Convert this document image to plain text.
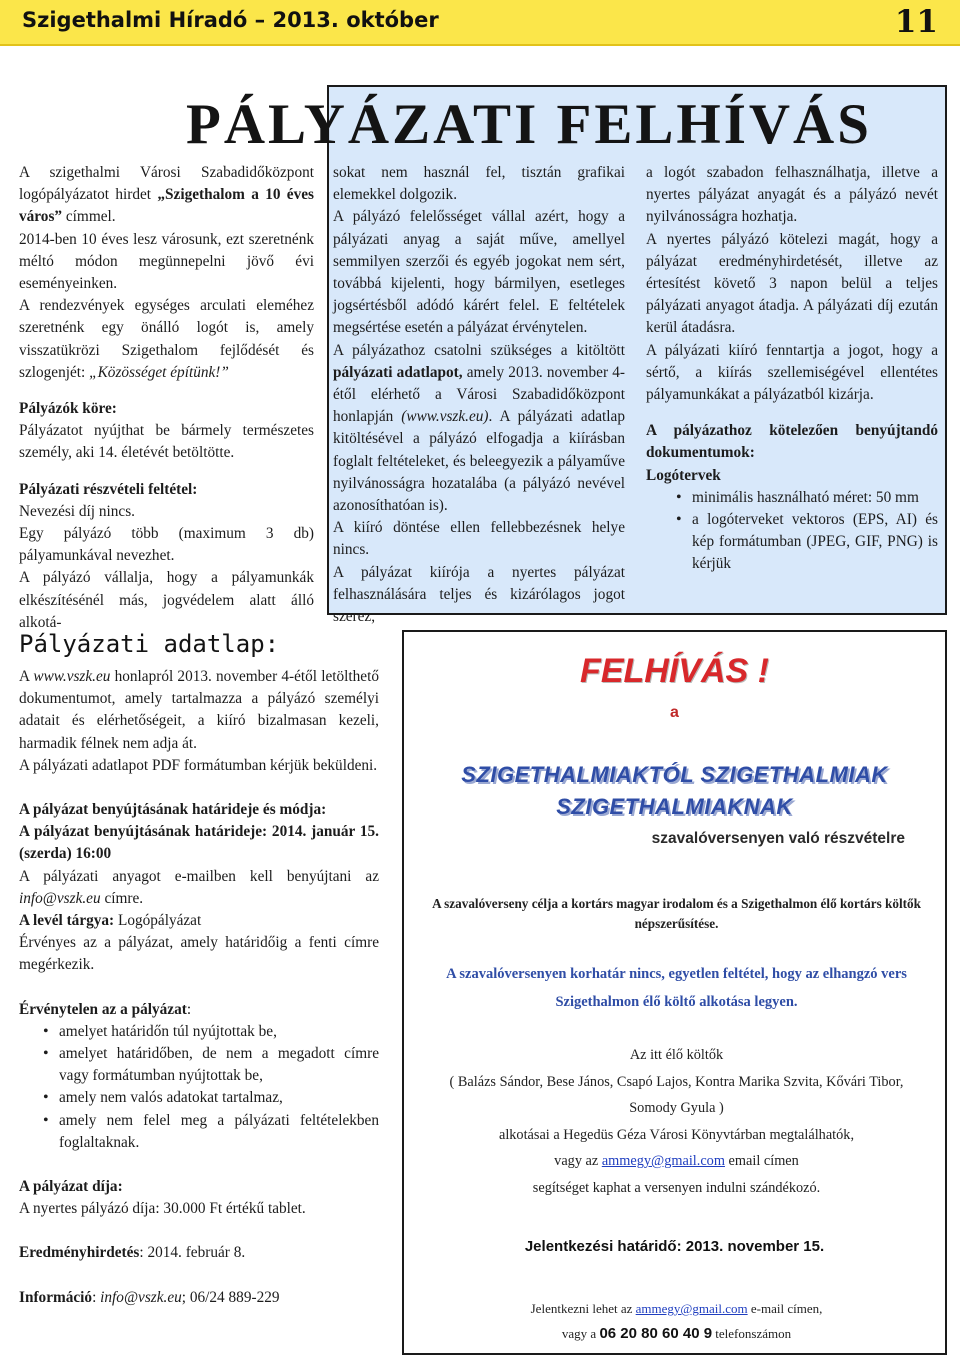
Szigethalmi Híradó – 2013. október	11
PÁLYÁZATI FELHÍVÁS

A szigethalmi Városi Szabadidőközpont logópályázatot hirdet „Szigethalom a 10 éves város” címmel.

2014-ben 10 éves lesz városunk, ezt szeretnénk méltó módon megünnepelni jövő évi eseményeinken.

A rendezvények egységes arculati eleméhez szeretnénk egy önálló logót is, amely visszatükrözi Szigethalom fejlődését és szlogenjét: „Közösséget építünk!”

Pályázók köre:

Pályázatot nyújthat be bármely természetes személy, aki 14. életévét betöltötte.

Pályázati részvételi feltétel:

Nevezési díj nincs.

Egy pályázó több (maximum 3 db) pályamunkával nevezhet.

A pályázó vállalja, hogy a pályamunkák elkészítésénél más, jogvédelem alatt álló alkotá-

sokat nem használ fel, tisztán grafikai elemekkel dolgozik.

A pályázó felelősséget vállal azért, hogy a pályázati anyag a saját műve, amellyel semmilyen szerzői és egyéb jogokat nem sért, továbbá kijelenti, hogy bármilyen, esetleges jogsértésből adódó kárért felel. E feltételek megsértése esetén a pályázat érvénytelen.

A pályázathoz csatolni szükséges a kitöltött pályázati adatlapot, amely 2013. november 4-étől elérhető a Városi Szabadidőközpont honlapján (www.vszk.eu). A pályázati adatlap kitöltésével a pályázó elfogadja a kiírásban foglalt feltételeket, és beleegyezik a pályaműve nyilvánosságra hozatalába (a pályázó nevével azonosíthatóan is).

A kiíró döntése ellen fellebbezésnek helye nincs.

A pályázat kiírója a nyertes pályázat felhasználására teljes és kizárólagos jogot szerez,

a logót szabadon felhasználhatja, illetve a nyertes pályázat anyagát és a pályázó nevét nyilvánosságra hozhatja.

A nyertes pályázó kötelezi magát, hogy a pályázat eredményhirdetését, illetve az értesítést követő 3 napon belül a teljes pályázati anyagot átadja. A pályázati díj ezután kerül átadásra.

A pályázati kiíró fenntartja a jogot, hogy a sértő, a kiírás szellemiségével ellentétes pályamunkákat a pályázatból kizárja.

A pályázathoz kötelezően benyújtandó dokumentumok:

Logótervek

• minimális használható méret: 50 mm
• a logóterveket vektoros (EPS, AI) és kép formátumban (JPEG, GIF, PNG) is kérjük
Pályázati adatlap:

A www.vszk.eu honlapról 2013. november 4-étől letölthető dokumentumot, amely tartalmazza a pályázó személyi adatait és elérhetőségeit, a kiíró bizalmasan kezeli, harmadik félnek nem adja át.

A pályázati adatlapot PDF formátumban kérjük beküldeni.

A pályázat benyújtásának határideje és módja:

A pályázat benyújtásának határideje: 2014. január 15. (szerda) 16:00

A pályázati anyagot e-mailben kell benyújtani az info@vszk.eu címre.

A levél tárgya: Logópályázat

Érvényes az a pályázat, amely határidőig a fenti címre megérkezik.

Érvénytelen az a pályázat:

• amelyet határidőn túl nyújtottak be,
• amelyet határidőben, de nem a megadott címre vagy formátumban nyújtottak be,
• amely nem valós adatokat tartalmaz,
• amely nem felel meg a pályázati feltételekben foglaltaknak.

A pályázat díja:

A nyertes pályázó díja: 30.000 Ft értékű tablet.

Eredményhirdetés: 2014. február 8.

Információ: info@vszk.eu; 06/24 889-229

FELHÍVÁS !
a
SZIGETHALMIAKTÓL SZIGETHALMIAK
SZIGETHALMIAKNAK
szavalóversenyen való részvételre
A szavalóverseny célja a kortárs magyar irodalom és a Szigethalmon élő kortárs költők népszerűsítése.
A szavalóversenyen korhatár nincs, egyetlen feltétel, hogy az elhangzó vers
Szigethalmon élő költő alkotása legyen.
Az itt élő költők
( Balázs Sándor, Bese János, Csapó Lajos, Kontra Marika Szvita, Kővári Tibor,
Somody Gyula )
alkotásai a Hegedüs Géza Városi Könyvtárban megtalálhatók,
vagy az ammegy@gmail.com email címen
segítséget kaphat a versenyen indulni szándékozó.
Jelentkezési határidő: 2013. november 15.
Jelentkezni lehet az ammegy@gmail.com e-mail címen,
vagy a 06 20 80 60 40 9 telefonszámon
